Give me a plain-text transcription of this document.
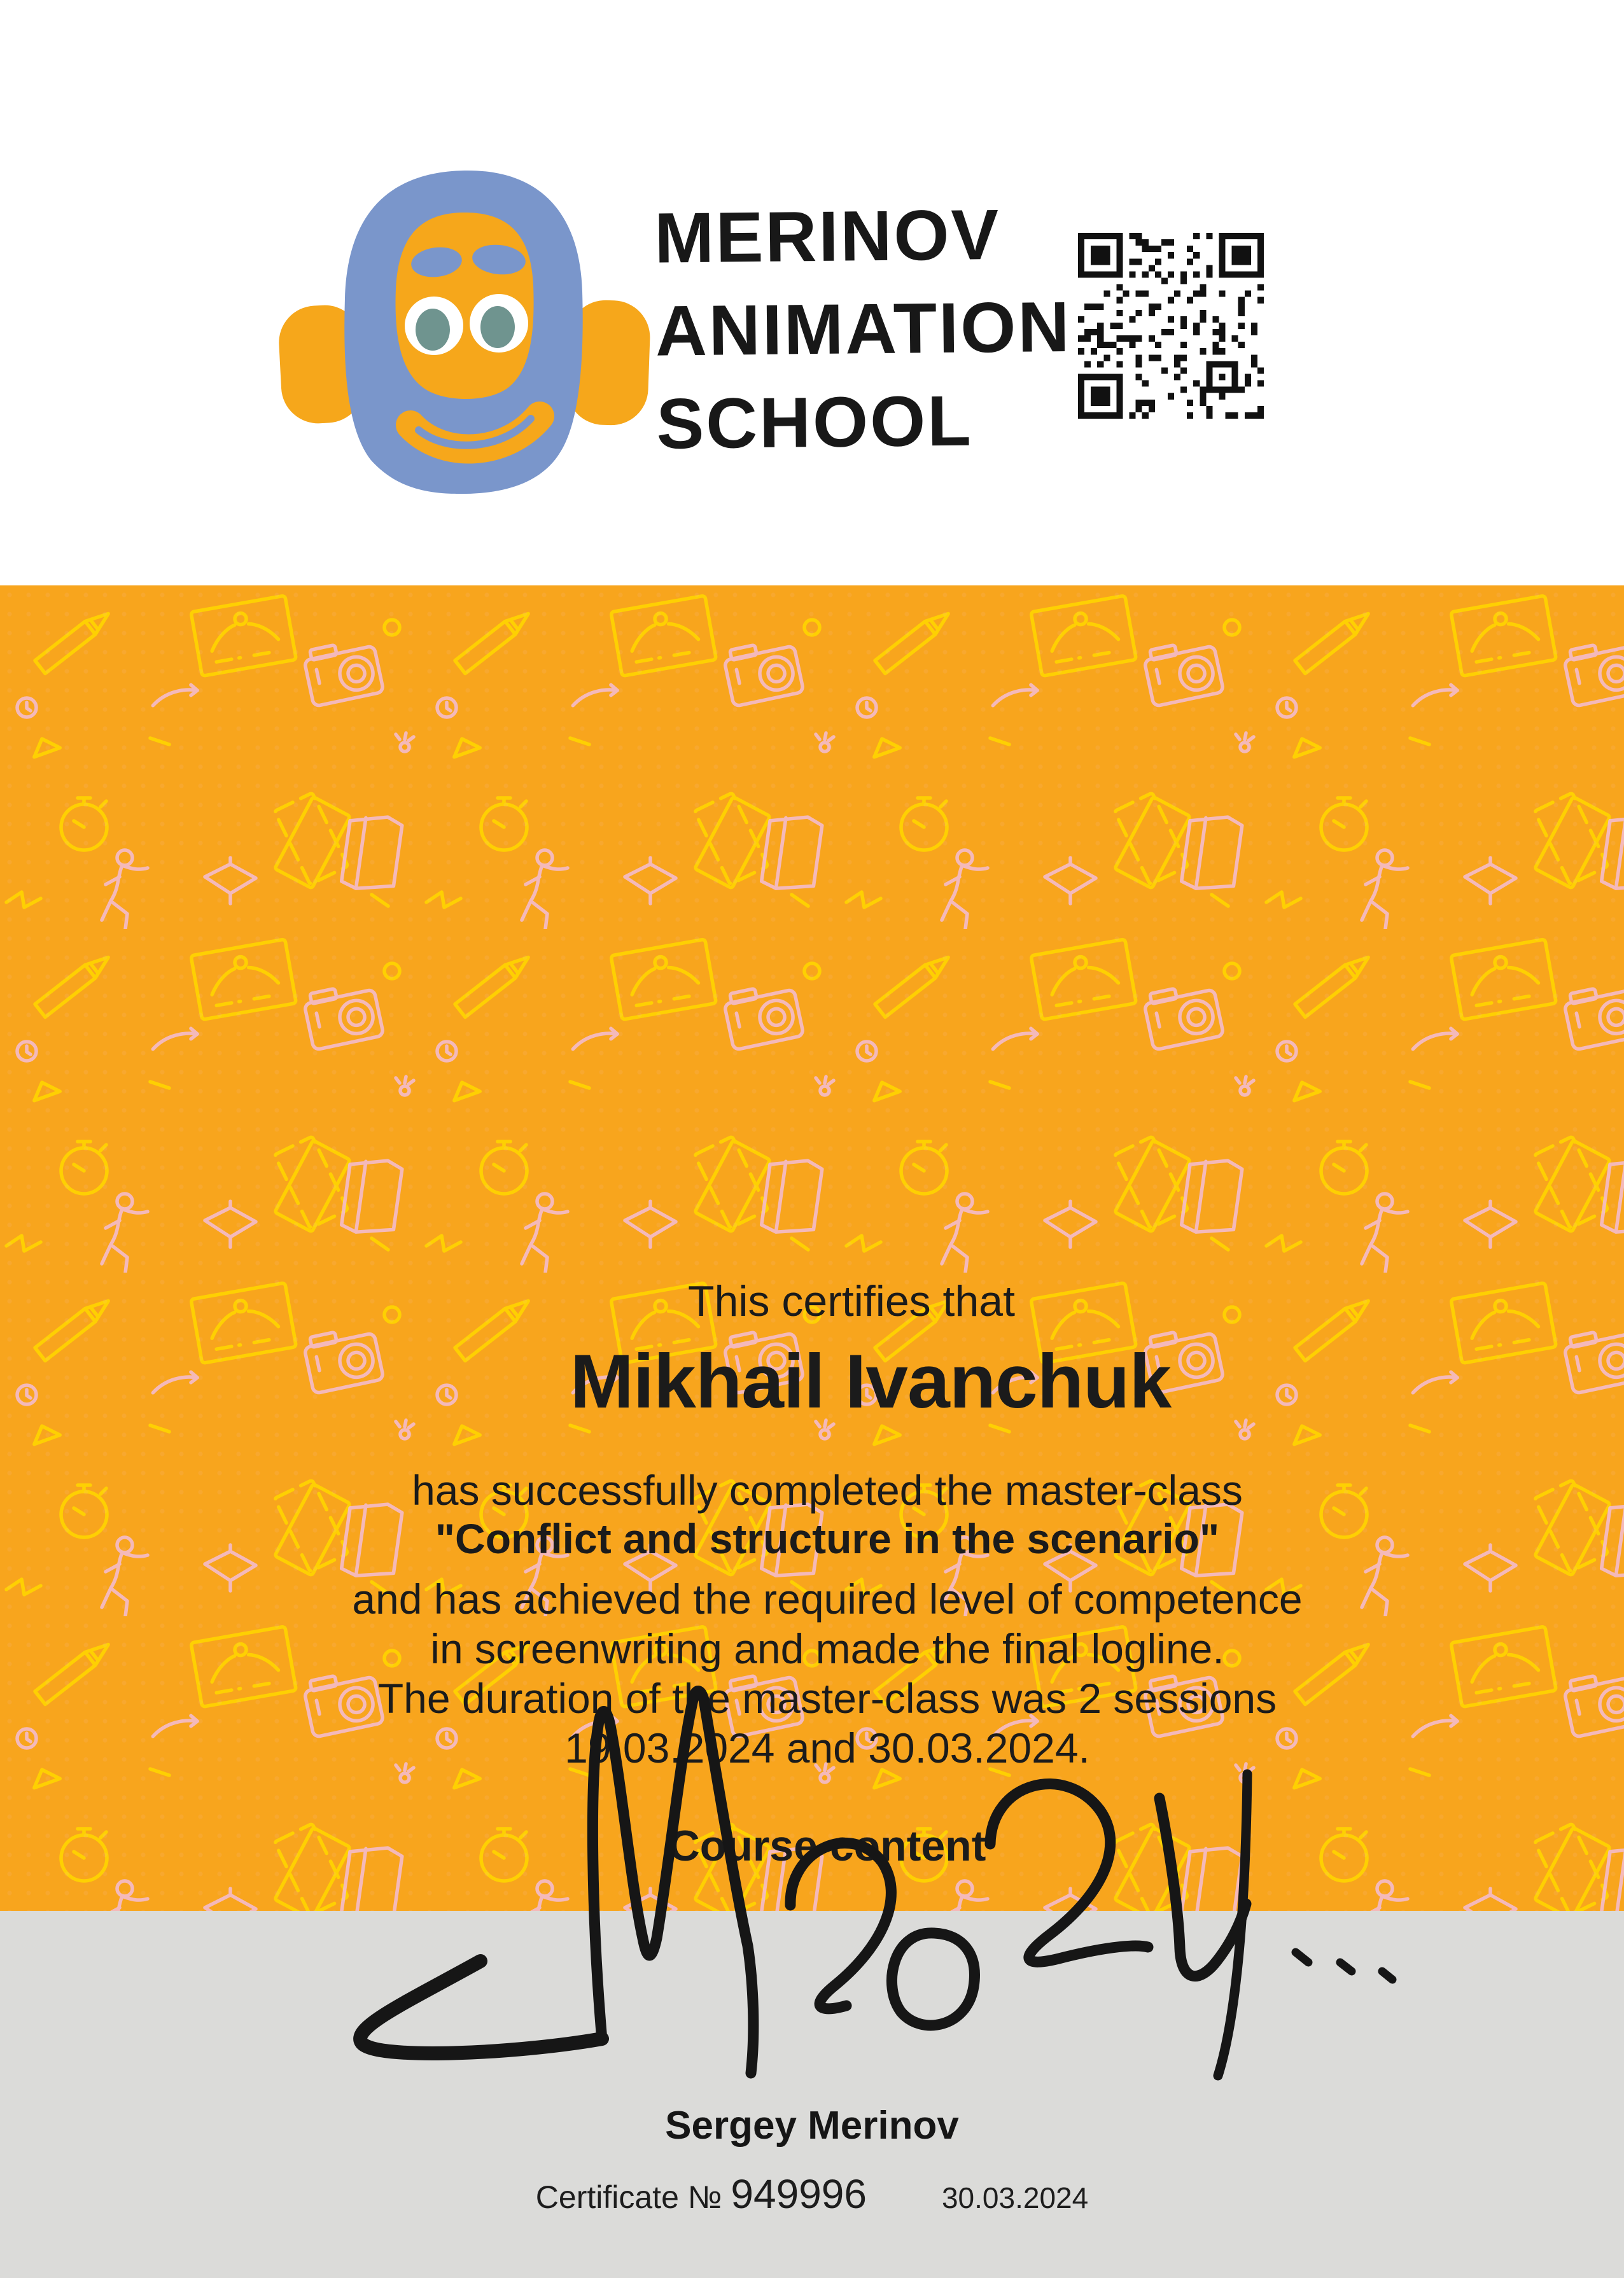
MERINOV
ANIMATION
SCHOOL
This certifies that
Mikhail Ivanchuk
has successfully completed the master-class
"Conflict and structure in the scenario"
and has achieved the required level of competence
in screenwriting and made the final logline.
The duration of the master-class was 2 sessions
19.03.2024 and 30.03.2024.
Course content
Sergey Merinov
Certificate № 949996	30.03.2024
